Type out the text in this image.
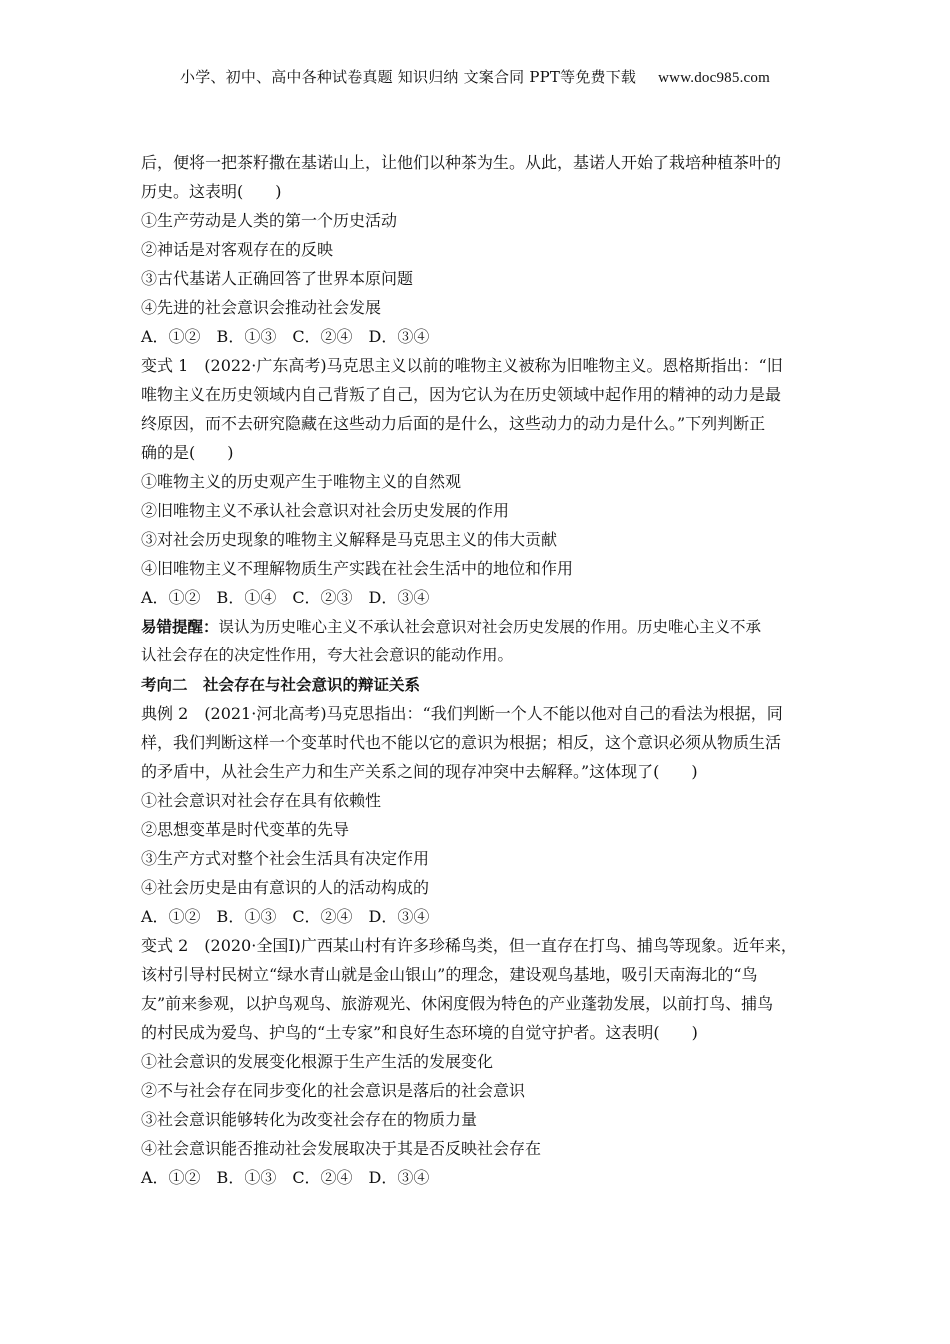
小学、初中、高中各种试卷真题 知识归纳 文案合同 PPT等免费下载 www.doc985.com
后，便将一把茶籽撒在基诺山上，让他们以种茶为生。从此，基诺人开始了栽培种植茶叶的
历史。这表明(　　)
①生产劳动是人类的第一个历史活动
②神话是对客观存在的反映
③古代基诺人正确回答了世界本原问题
④先进的社会意识会推动社会发展
A．①②　B．①③　C．②④　D．③④
变式 1　(2022·广东高考)马克思主义以前的唯物主义被称为旧唯物主义。恩格斯指出：“旧
唯物主义在历史领域内自己背叛了自己，因为它认为在历史领域中起作用的精神的动力是最
终原因，而不去研究隐藏在这些动力后面的是什么，这些动力的动力是什么。”下列判断正
确的是(　　)
①唯物主义的历史观产生于唯物主义的自然观
②旧唯物主义不承认社会意识对社会历史发展的作用
③对社会历史现象的唯物主义解释是马克思主义的伟大贡献
④旧唯物主义不理解物质生产实践在社会生活中的地位和作用
A．①②　B．①④　C．②③　D．③④
易错提醒：误认为历史唯心主义不承认社会意识对社会历史发展的作用。历史唯心主义不承
认社会存在的决定性作用，夸大社会意识的能动作用。
考向二　社会存在与社会意识的辩证关系
典例 2　(2021·河北高考)马克思指出：“我们判断一个人不能以他对自己的看法为根据，同
样，我们判断这样一个变革时代也不能以它的意识为根据；相反，这个意识必须从物质生活
的矛盾中，从社会生产力和生产关系之间的现存冲突中去解释。”这体现了(　　)
①社会意识对社会存在具有依赖性
②思想变革是时代变革的先导
③生产方式对整个社会生活具有决定作用
④社会历史是由有意识的人的活动构成的
A．①②　B．①③　C．②④　D．③④
变式 2　(2020·全国Ⅰ)广西某山村有许多珍稀鸟类，但一直存在打鸟、捕鸟等现象。近年来，
该村引导村民树立“绿水青山就是金山银山”的理念，建设观鸟基地，吸引天南海北的“鸟
友”前来参观，以护鸟观鸟、旅游观光、休闲度假为特色的产业蓬勃发展，以前打鸟、捕鸟
的村民成为爱鸟、护鸟的“土专家”和良好生态环境的自觉守护者。这表明(　　)
①社会意识的发展变化根源于生产生活的发展变化
②不与社会存在同步变化的社会意识是落后的社会意识
③社会意识能够转化为改变社会存在的物质力量
④社会意识能否推动社会发展取决于其是否反映社会存在
A．①②　B．①③　C．②④　D．③④
